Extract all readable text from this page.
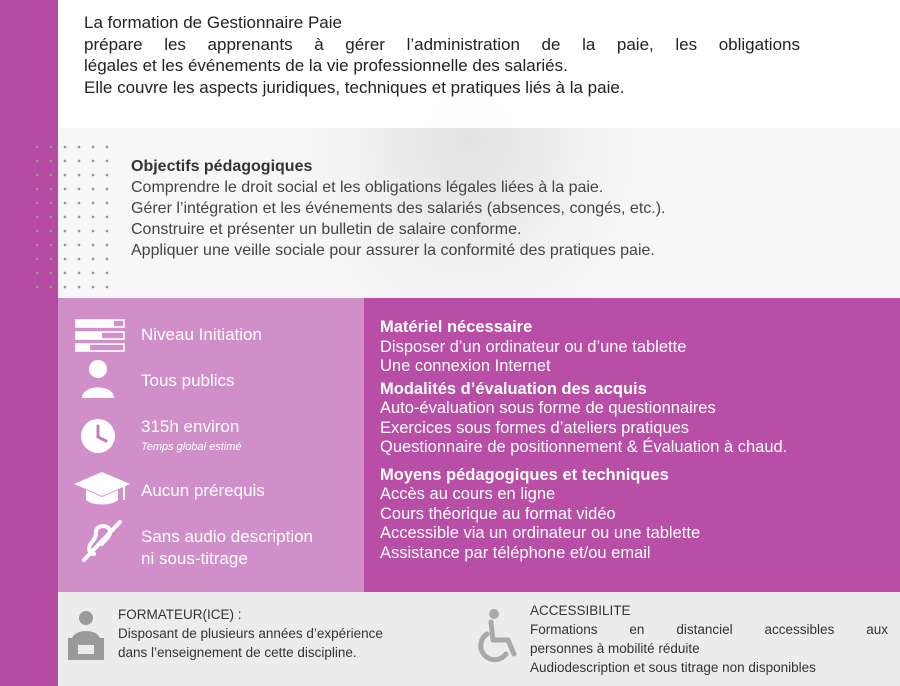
La formation de Gestionnaire Paie

prépare les apprenants à gérer l’administration de la paie, les obligations

légales et les événements de la vie professionnelle des salariés.

Elle couvre les aspects juridiques, techniques et pratiques liés à la paie.

Objectifs pédagogiques

Comprendre le droit social et les obligations légales liées à la paie.

Gérer l’intégration et les événements des salariés (absences, congés, etc.).

Construire et présenter un bulletin de salaire conforme.

Appliquer une veille sociale pour assurer la conformité des pratiques paie.

Niveau Initiation
Tous publics
315h environ
Temps global estimé
Aucun prérequis
Sans audio description
ni sous-titrage
Matériel nécessaire

Disposer d’un ordinateur ou d’une tablette

Une connexion Internet

Modalités d’évaluation des acquis

Auto-évaluation sous forme de questionnaires

Exercices sous formes d’ateliers pratiques

Questionnaire de positionnement & Évaluation à chaud.

Moyens pédagogiques et techniques

Accès au cours en ligne

Cours théorique au format vidéo

Accessible via un ordinateur ou une tablette

Assistance par téléphone et/ou email

FORMATEUR(ICE) :

Disposant de plusieurs années d’expérience

dans l’enseignement de cette discipline.

ACCESSIBILITE

Formations en distanciel accessibles aux

personnes à mobilité réduite

Audiodescription et sous titrage non disponibles
